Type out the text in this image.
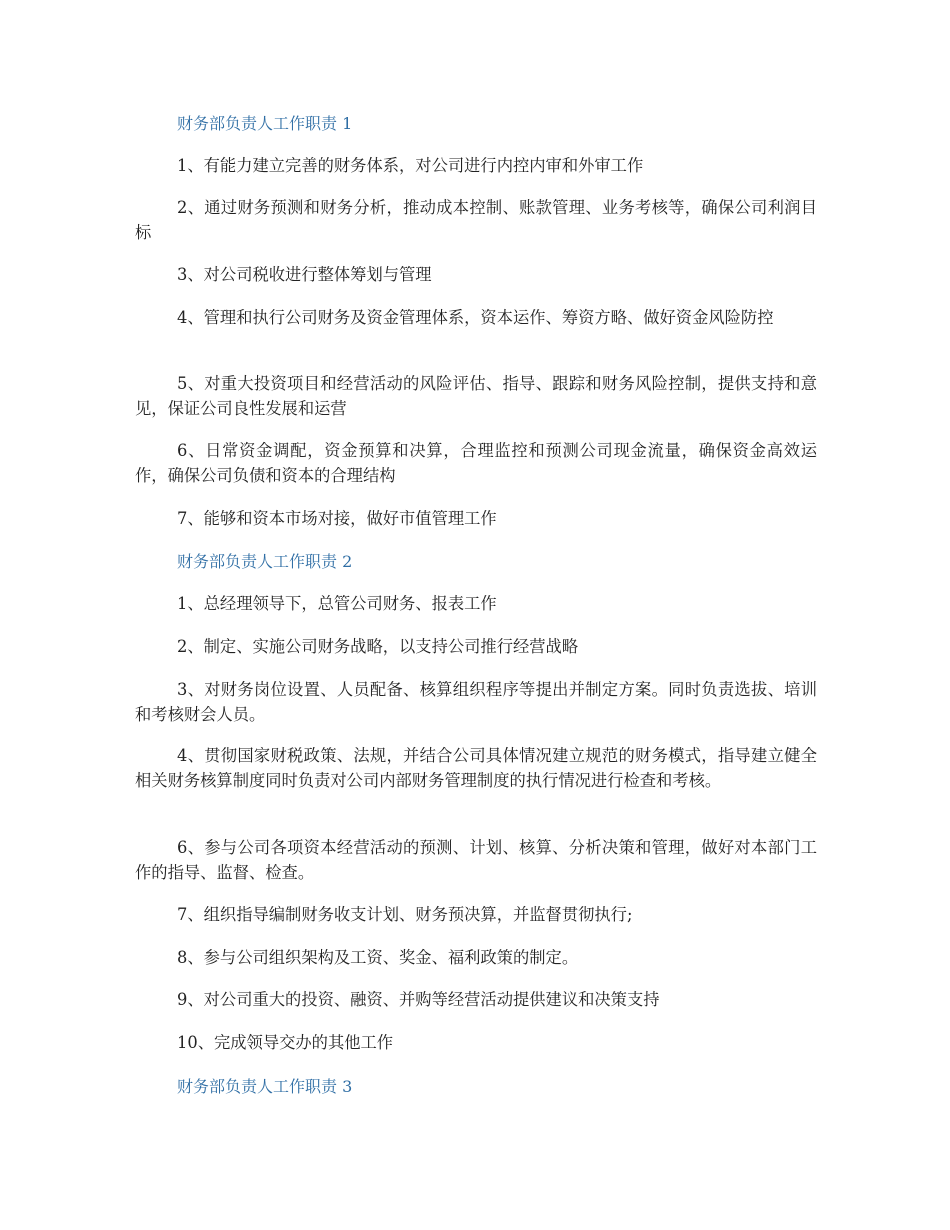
财务部负责人工作职责 1
1、有能力建立完善的财务体系，对公司进行内控内审和外审工作
2、通过财务预测和财务分析，推动成本控制、账款管理、业务考核等，确保公司利润目标
3、对公司税收进行整体筹划与管理
4、管理和执行公司财务及资金管理体系，资本运作、筹资方略、做好资金风险防控
5、对重大投资项目和经营活动的风险评估、指导、跟踪和财务风险控制，提供支持和意见，保证公司良性发展和运营
6、日常资金调配，资金预算和决算，合理监控和预测公司现金流量，确保资金高效运作，确保公司负债和资本的合理结构
7、能够和资本市场对接，做好市值管理工作
财务部负责人工作职责 2
1、总经理领导下，总管公司财务、报表工作
2、制定、实施公司财务战略，以支持公司推行经营战略
3、对财务岗位设置、人员配备、核算组织程序等提出并制定方案。同时负责选拔、培训和考核财会人员。
4、贯彻国家财税政策、法规，并结合公司具体情况建立规范的财务模式，指导建立健全相关财务核算制度同时负责对公司内部财务管理制度的执行情况进行检查和考核。
6、参与公司各项资本经营活动的预测、计划、核算、分析决策和管理，做好对本部门工作的指导、监督、检查。
7、组织指导编制财务收支计划、财务预决算，并监督贯彻执行;
8、参与公司组织架构及工资、奖金、福利政策的制定。
9、对公司重大的投资、融资、并购等经营活动提供建议和决策支持
10、完成领导交办的其他工作
财务部负责人工作职责 3
